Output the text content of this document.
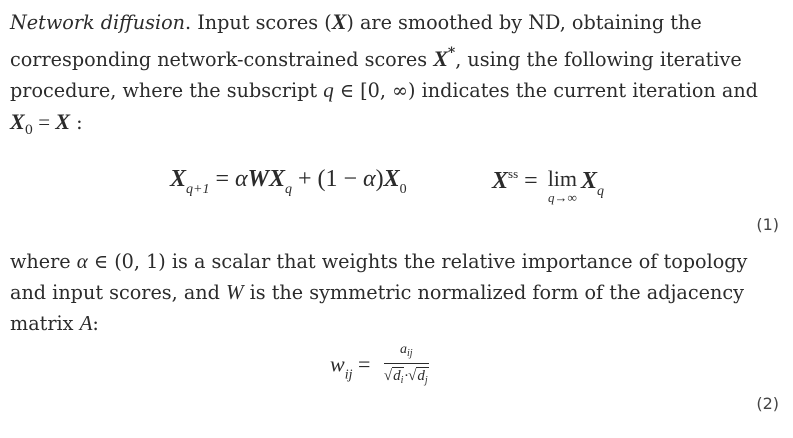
Network diffusion. Input scores (X) are smoothed by ND, obtaining the corresponding network-constrained scores X*, using the following iterative procedure, where the subscript q ∈ [0, ∞) indicates the current iteration and $X_0 = X$ :

$X_{q+1} = \alpha WX_q + (1 - \alpha)X_0$	$X^{ss} = \lim$
q→∞
$X_q$
(1)

where α ∈ (0, 1) is a scalar that weights the relative importance of topology and input scores, and W is the symmetric normalized form of the adjacency matrix A:

$w_{ij} = \frac{a_{ij}}{√d_i\cdot√d_j}$
(2)
